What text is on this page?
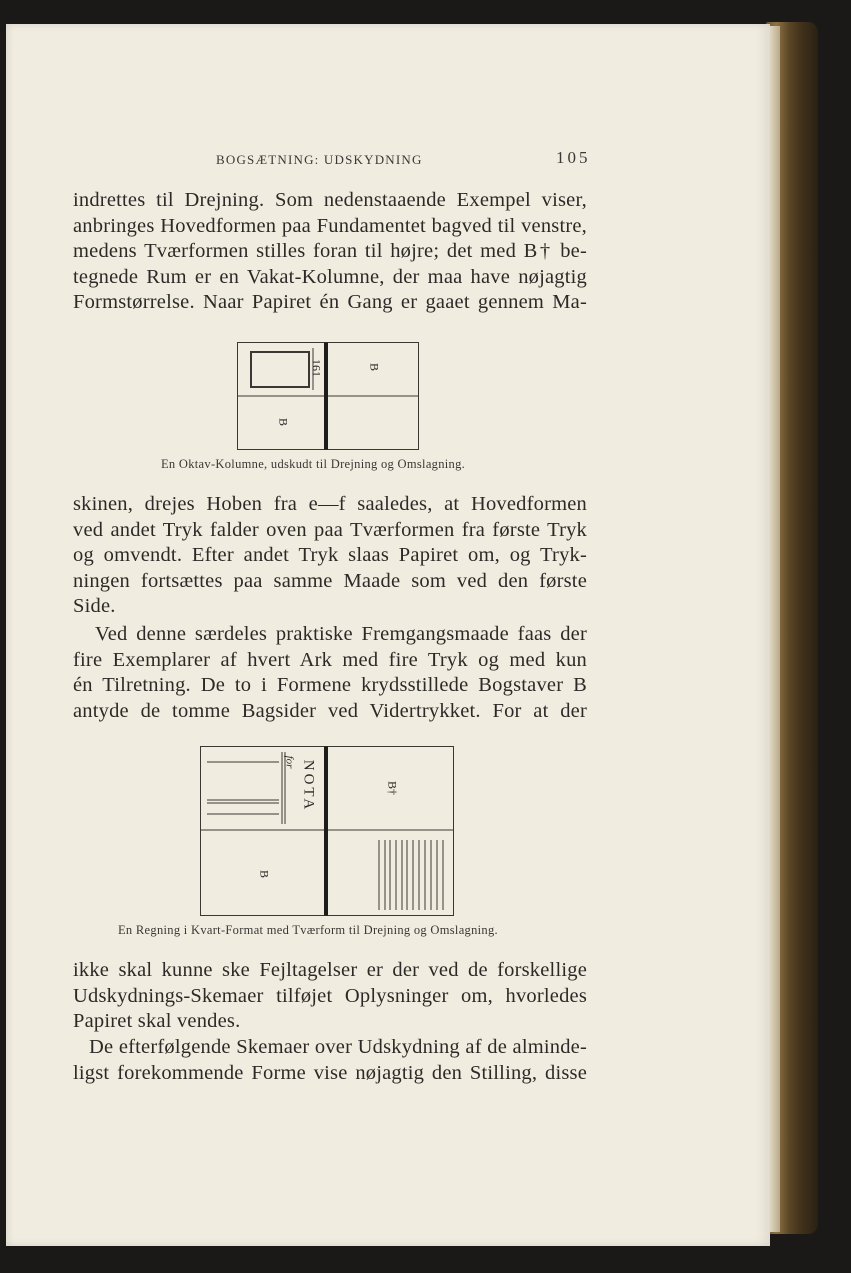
BOGSÆTNING: UDSKYDNING	105
indrettes til Drejning. Som nedenstaaende Exempel viser,
anbringes Hovedformen paa Fundamentet bagved til venstre,
medens Tværformen stilles foran til højre; det med B† be-
tegnede Rum er en Vakat-Kolumne, der maa have nøjagtig
Formstørrelse. Naar Papiret én Gang er gaaet gennem Ma-
161	B
B
En Oktav-Kolumne, udskudt til Drejning og Omslagning.
skinen, drejes Hoben fra e—f saaledes, at Hovedformen
ved andet Tryk falder oven paa Tværformen fra første Tryk
og omvendt. Efter andet Tryk slaas Papiret om, og Tryk-
ningen fortsættes paa samme Maade som ved den første
Side.
Ved denne særdeles praktiske Fremgangsmaade faas der
fire Exemplarer af hvert Ark med fire Tryk og med kun
én Tilretning. De to i Formene krydsstillede Bogstaver B
antyde de tomme Bagsider ved Vidertrykket. For at der
for NOTA	B†
B
En Regning i Kvart-Format med Tværform til Drejning og Omslagning.
ikke skal kunne ske Fejltagelser er der ved de forskellige
Udskydnings-Skemaer tilføjet Oplysninger om, hvorledes
Papiret skal vendes.
De efterfølgende Skemaer over Udskydning af de alminde-
ligst forekommende Forme vise nøjagtig den Stilling, disse
